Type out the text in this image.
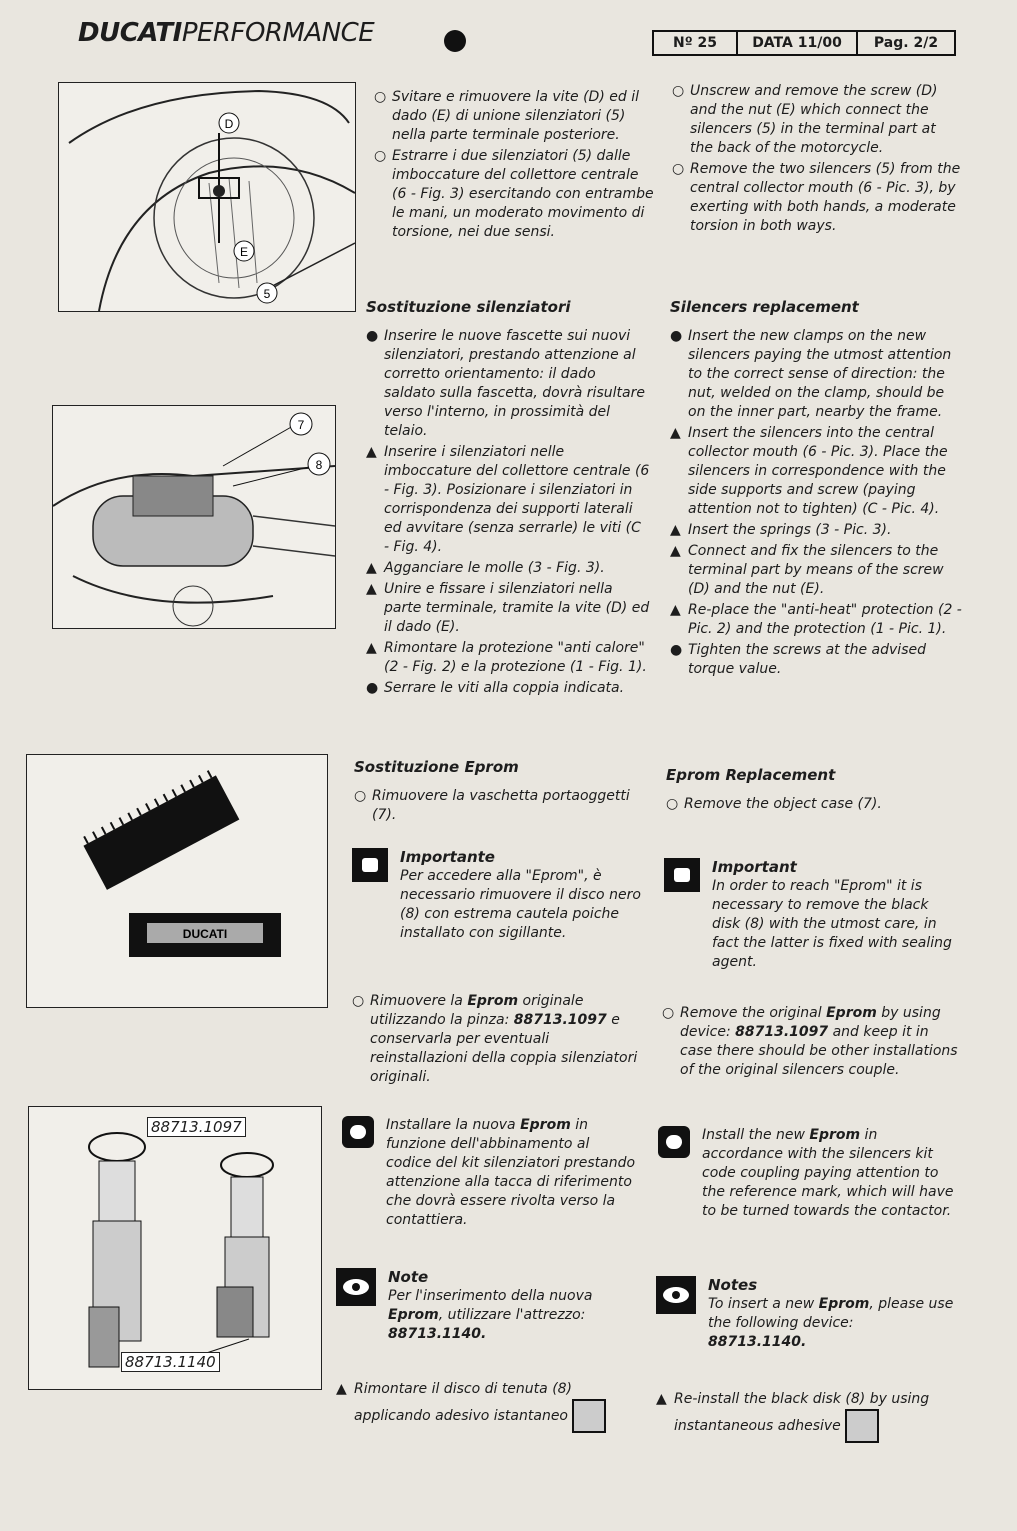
DUCATIPERFORMANCE	Nº 25	DATA 11/00	Pag. 2/2
D
E
5
7
8
DUCATI
88713.1097
88713.1140
○ Svitare e rimuovere la vite (D) ed il dado (E) di unione silenziatori (5) nella parte terminale posteriore.

○ Estrarre i due silenziatori (5) dalle imboccature del collettore centrale (6 - Fig. 3) esercitando con entrambe le mani, un moderato movimento di torsione, nei due sensi.

Sostituzione silenziatori
● Inserire le nuove fascette sui nuovi silenziatori, prestando attenzione al corretto orientamento: il dado saldato sulla fascetta, dovrà risultare verso l'interno, in prossimità del telaio.

▲ Inserire i silenziatori nelle imboccature del collettore centrale (6 - Fig. 3). Posizionare i silenziatori in corrispondenza dei supporti laterali ed avvitare (senza serrarle) le viti (C - Fig. 4).

▲ Agganciare le molle (3 - Fig. 3).

▲ Unire e fissare i silenziatori nella parte terminale, tramite la vite (D) ed il dado (E).

▲ Rimontare la protezione "anti calore" (2 - Fig. 2) e la protezione (1 - Fig. 1).

● Serrare le viti alla coppia indicata.

Sostituzione Eprom
○ Rimuovere la vaschetta portaoggetti (7).

Importante

Per accedere alla "Eprom", è necessario rimuovere il disco nero (8) con estrema cautela poiche installato con sigillante.

○ Rimuovere la Eprom originale utilizzando la pinza: 88713.1097 e conservarla per eventuali reinstallazioni della coppia silenziatori originali.

Installare la nuova Eprom in funzione dell'abbinamento al codice del kit silenziatori prestando attenzione alla tacca di riferimento che dovrà essere rivolta verso la contattiera.

Note

Per l'inserimento della nuova Eprom, utilizzare l'attrezzo: 88713.1140.

▲ Rimontare il disco di tenuta (8) applicando adesivo istantaneo

○ Unscrew and remove the screw (D) and the nut (E) which connect the silencers (5) in the terminal part at the back of the motorcycle.

○ Remove the two silencers (5) from the central collector mouth (6 - Pic. 3), by exerting with both hands, a moderate torsion in both ways.

Silencers replacement
● Insert the new clamps on the new silencers paying the utmost attention to the correct sense of direction: the nut, welded on the clamp, should be on the inner part, nearby the frame.

▲ Insert the silencers into the central collector mouth (6 - Pic. 3). Place the silencers in correspondence with the side supports and screw (paying attention not to tighten) (C - Pic. 4).

▲ Insert the springs (3 - Pic. 3).

▲ Connect and fix the silencers to the terminal part by means of the screw (D) and the nut (E).

▲ Re-place the "anti-heat" protection (2 - Pic. 2) and the protection (1 - Pic. 1).

● Tighten the screws at the advised torque value.

Eprom Replacement
○ Remove the object case (7).

Important

In order to reach "Eprom" it is necessary to remove the black disk (8) with the utmost care, in fact the latter is fixed with sealing agent.

○ Remove the original Eprom by using device: 88713.1097 and keep it in case there should be other installations of the original silencers couple.

Install the new Eprom in accordance with the silencers kit code coupling paying attention to the reference mark, which will have to be turned towards the contactor.

Notes

To insert a new Eprom, please use the following device: 88713.1140.

▲ Re-install the black disk (8) by using instantaneous adhesive
